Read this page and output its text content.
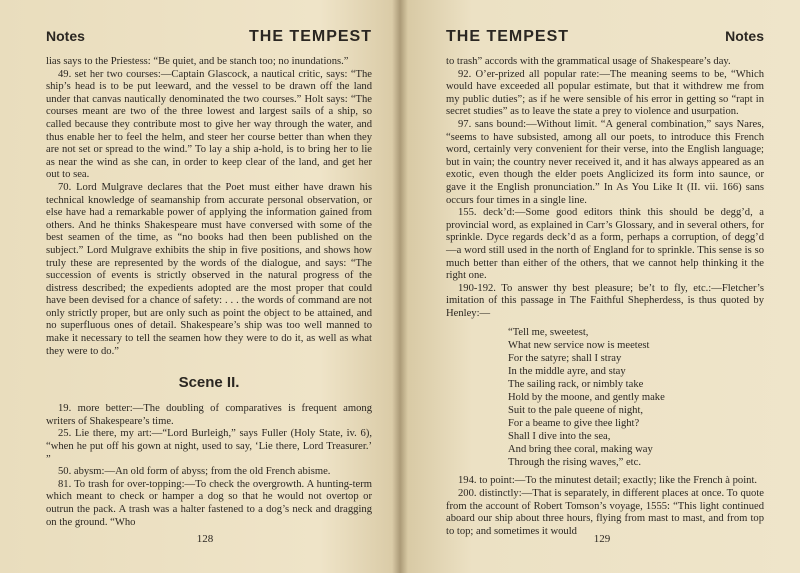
Notes	THE TEMPEST

lias says to the Priestess: “Be quiet, and be stanch too; no inundations.”

49. set her two courses:—Captain Glascock, a nautical critic, says: “The ship’s head is to be put leeward, and the vessel to be drawn off the land under that canvas nautically denominated the two courses.” Holt says: “The courses meant are two of the three lowest and largest sails of a ship, so called because they contribute most to give her way through the water, and thus enable her to feel the helm, and steer her course better than when they are not set or spread to the wind.” To lay a ship a-hold, is to bring her to lie as near the wind as she can, in order to keep clear of the land, and get her out to sea.

70. Lord Mulgrave declares that the Poet must either have drawn his technical knowledge of seamanship from accurate personal observation, or else have had a remarkable power of applying the information gained from others. And he thinks Shakespeare must have conversed with some of the best seamen of the time, as “no books had then been published on the subject.” Lord Mulgrave exhibits the ship in five positions, and shows how truly these are represented by the words of the dialogue, and says: “The succession of events is strictly observed in the natural progress of the distress described; the expedients adopted are the most proper that could have been devised for a chance of safety: . . . the words of command are not only strictly proper, but are only such as point the object to be attained, and no superfluous ones of detail. Shakespeare’s ship was too well manned to make it necessary to tell the seamen how they were to do it, as well as what they were to do.”

Scene II.

19. more better:—The doubling of comparatives is frequent among writers of Shakespeare’s time.

25. Lie there, my art:—“Lord Burleigh,” says Fuller (Holy State, iv. 6), “when he put off his gown at night, used to say, ‘Lie there, Lord Treasurer.’ ”

50. abysm:—An old form of abyss; from the old French abisme.

81. To trash for over-topping:—To check the overgrowth. A hunting-term which meant to check or hamper a dog so that he would not overtop or outrun the pack. A trash was a halter fastened to a dog’s neck and dragging on the ground. “Who

128
THE TEMPEST	Notes

to trash” accords with the grammatical usage of Shakespeare’s day.

92. O’er-prized all popular rate:—The meaning seems to be, “Which would have exceeded all popular estimate, but that it withdrew me from my public duties”; as if he were sensible of his error in getting so “rapt in secret studies” as to leave the state a prey to violence and usurpation.

97. sans bound:—Without limit. “A general combination,” says Nares, “seems to have subsisted, among all our poets, to introduce this French word, certainly very convenient for their verse, into the English language; but in vain; the country never received it, and it has always appeared as an exotic, even though the elder poets Anglicized its form into saunce, or gave it the English pronunciation.” In As You Like It (II. vii. 166) sans occurs four times in a single line.

155. deck’d:—Some good editors think this should be degg’d, a provincial word, as explained in Carr’s Glossary, and in several others, for sprinkle. Dyce regards deck’d as a form, perhaps a corruption, of degg’d—a word still used in the north of England for to sprinkle. This sense is so much better than either of the others, that we cannot help thinking it the right one.

190-192. To answer thy best pleasure; be’t to fly, etc.:—Fletcher’s imitation of this passage in The Faithful Shepherdess, is thus quoted by Henley:—

“Tell me, sweetest,
What new service now is meetest
For the satyre; shall I stray
In the middle ayre, and stay
The sailing rack, or nimbly take
Hold by the moone, and gently make
Suit to the pale queene of night,
For a beame to give thee light?
Shall I dive into the sea,
And bring thee coral, making way
Through the rising waves,” etc.

194. to point:—To the minutest detail; exactly; like the French à point.

200. distinctly:—That is separately, in different places at once. To quote from the account of Robert Tomson’s voyage, 1555: “This light continued aboard our ship about three hours, flying from mast to mast, and from top to top; and sometimes it would

129
